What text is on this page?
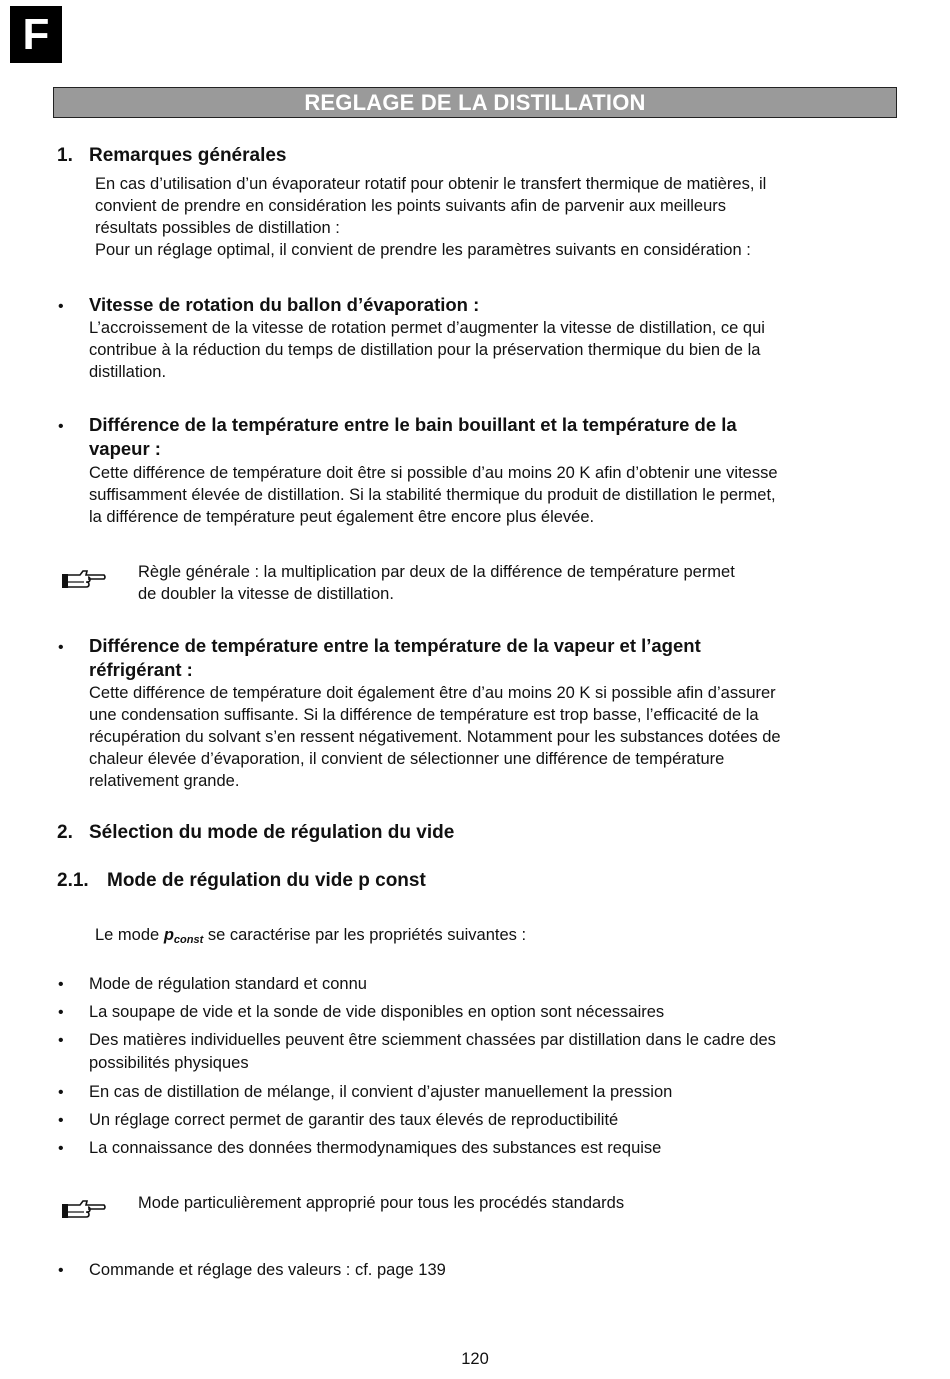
F
REGLAGE DE LA DISTILLATION
1. Remarques générales
En cas d’utilisation d’un évaporateur rotatif pour obtenir le transfert thermique de matières, il
convient de prendre en considération les points suivants afin de parvenir aux meilleurs
résultats possibles de distillation :
Pour un réglage optimal, il convient de prendre les paramètres suivants en considération :
• Vitesse de rotation du ballon d’évaporation :
L’accroissement de la vitesse de rotation permet d’augmenter la vitesse de distillation, ce qui
contribue à la réduction du temps de distillation pour la préservation thermique du bien de la
distillation.
• Différence de la température entre le bain bouillant et la température de la
vapeur :
Cette différence de température doit être si possible d’au moins 20 K afin d’obtenir une vitesse
suffisamment élevée de distillation. Si la stabilité thermique du produit de distillation le permet,
la différence de température peut également être encore plus élevée.
Règle générale : la multiplication par deux de la différence de température permet
de doubler la vitesse de distillation.
• Différence de température entre la température de la vapeur et l’agent
réfrigérant :
Cette différence de température doit également être d’au moins 20 K si possible afin d’assurer
une condensation suffisante. Si la différence de température est trop basse, l’efficacité de la
récupération du solvant s’en ressent négativement. Notamment pour les substances dotées de
chaleur élevée d’évaporation, il convient de sélectionner une différence de température
relativement grande.
2. Sélection du mode de régulation du vide
2.1. Mode de régulation du vide p const
Le mode $p_{const}$ se caractérise par les propriétés suivantes :
• Mode de régulation standard et connu
• La soupape de vide et la sonde de vide disponibles en option sont nécessaires
• Des matières individuelles peuvent être sciemment chassées par distillation dans le cadre des
possibilités physiques
• En cas de distillation de mélange, il convient d’ajuster manuellement la pression
• Un réglage correct permet de garantir des taux élevés de reproductibilité
• La connaissance des données thermodynamiques des substances est requise
Mode particulièrement approprié pour tous les procédés standards
• Commande et réglage des valeurs : cf. page 139
120
